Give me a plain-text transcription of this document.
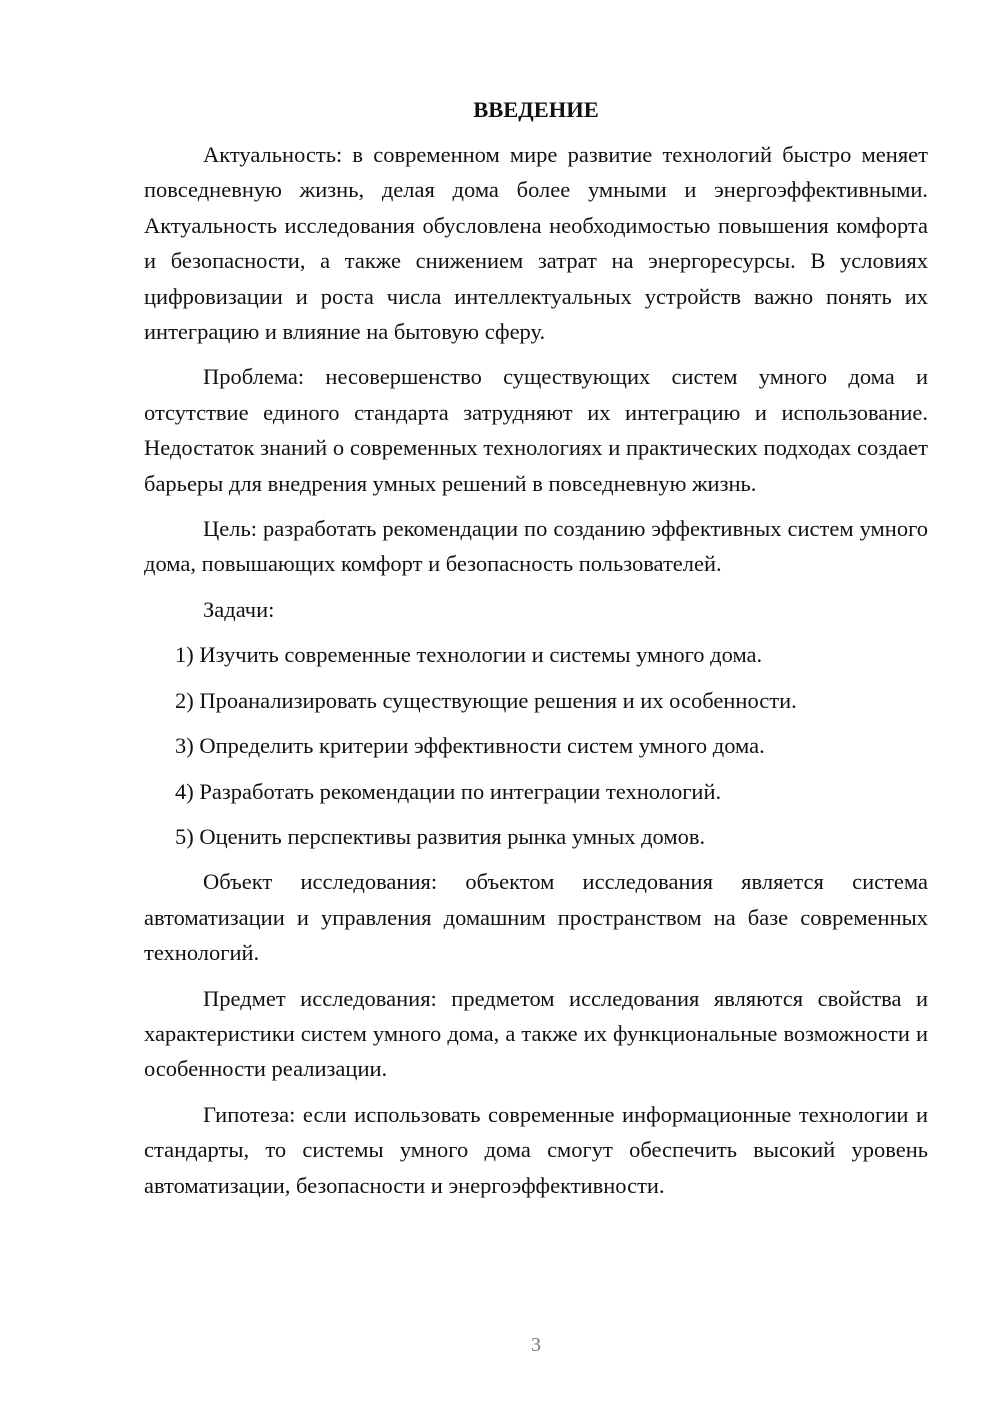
ВВЕДЕНИЕ

Актуальность: в современном мире развитие технологий быстро меняет повседневную жизнь, делая дома более умными и энергоэффективными. Актуальность исследования обусловлена необходимостью повышения комфорта и безопасности, а также снижением затрат на энергоресурсы. В условиях цифровизации и роста числа интеллектуальных устройств важно понять их интеграцию и влияние на бытовую сферу.

Проблема: несовершенство существующих систем умного дома и отсутствие единого стандарта затрудняют их интеграцию и использование. Недостаток знаний о современных технологиях и практических подходах создает барьеры для внедрения умных решений в повседневную жизнь.

Цель: разработать рекомендации по созданию эффективных систем умного дома, повышающих комфорт и безопасность пользователей.

Задачи:

1) Изучить современные технологии и системы умного дома.
2) Проанализировать существующие решения и их особенности.
3) Определить критерии эффективности систем умного дома.
4) Разработать рекомендации по интеграции технологий.
5) Оценить перспективы развития рынка умных домов.

Объект исследования: объектом исследования является система автоматизации и управления домашним пространством на базе современных технологий.

Предмет исследования: предметом исследования являются свойства и характеристики систем умного дома, а также их функциональные возможности и особенности реализации.

Гипотеза: если использовать современные информационные технологии и стандарты, то системы умного дома смогут обеспечить высокий уровень автоматизации, безопасности и энергоэффективности.

3
